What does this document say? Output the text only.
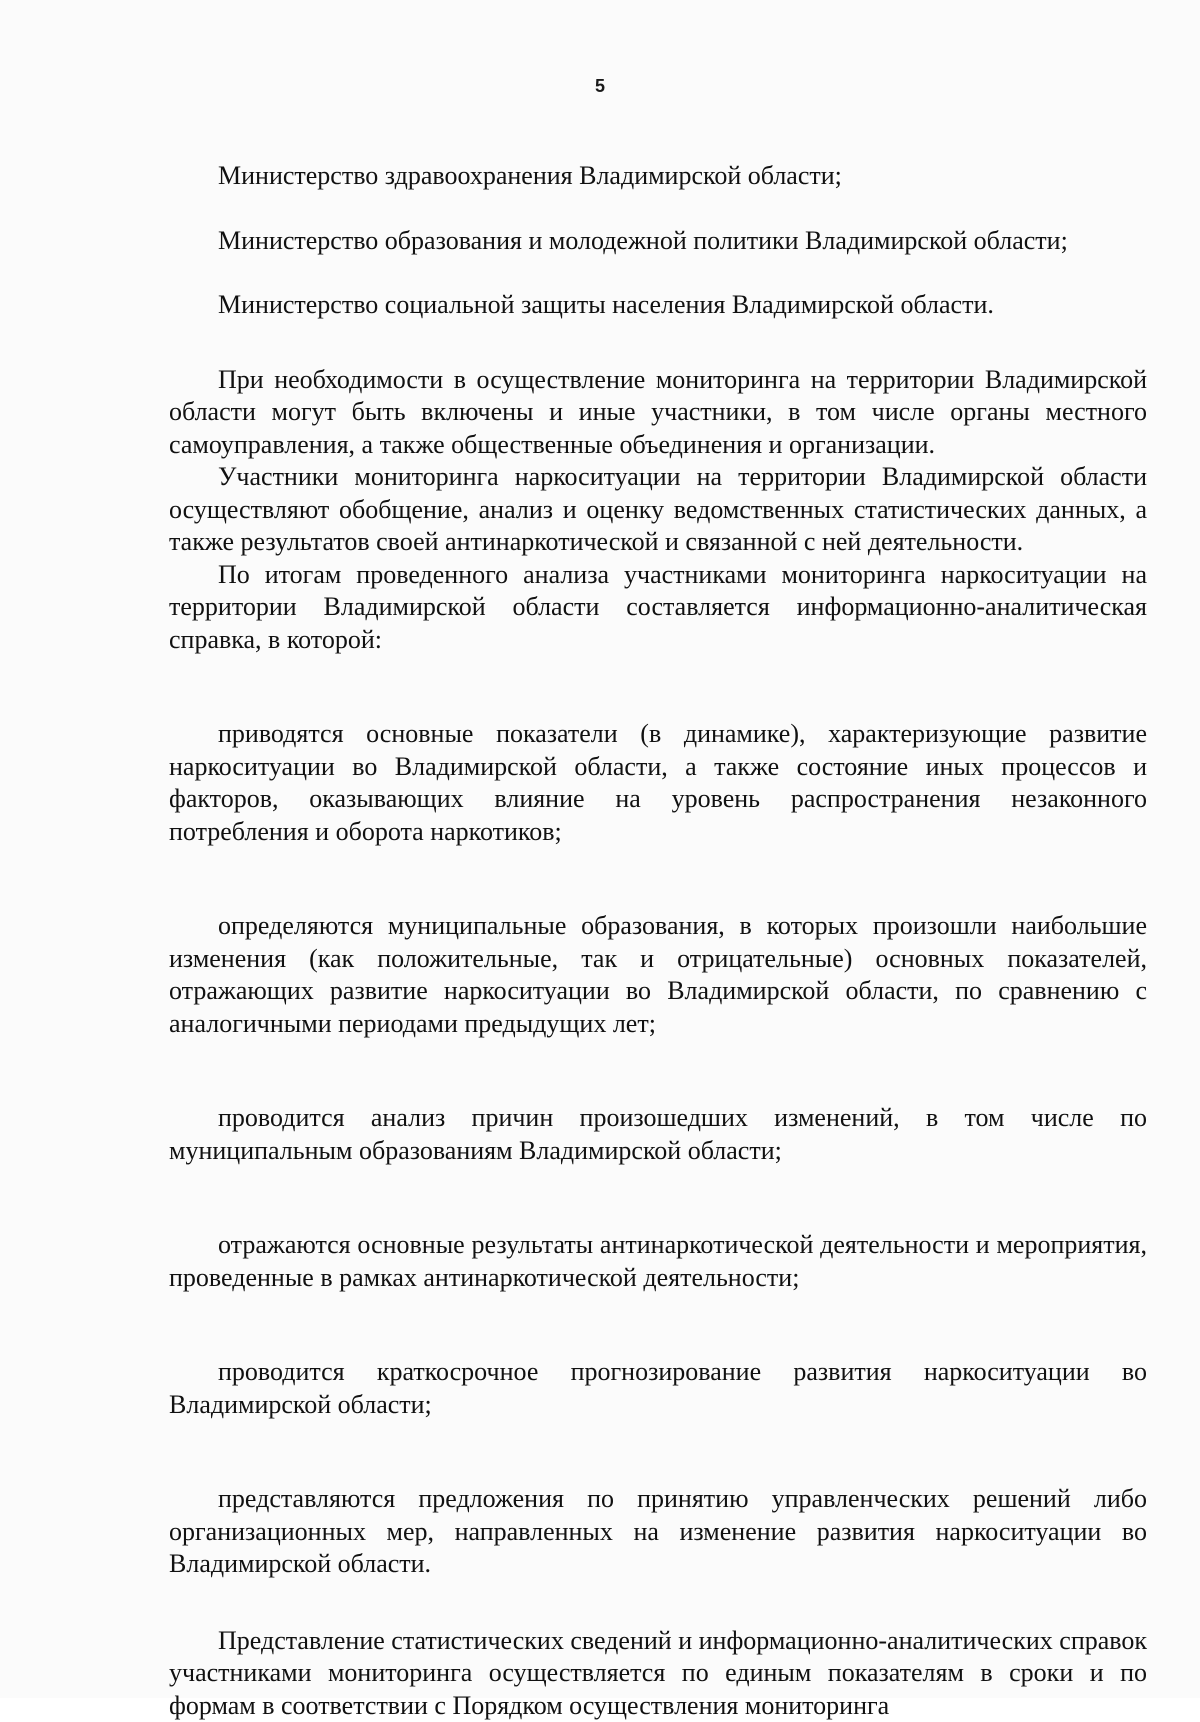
5

Министерство здравоохранения Владимирской области;

Министерство образования и молодежной политики Владимирской области;

Министерство социальной защиты населения Владимирской области.

При необходимости в осуществление мониторинга на территории Владимирской области могут быть включены и иные участники, в том числе органы местного самоуправления, а также общественные объединения и организации.

Участники мониторинга наркоситуации на территории Владимирской области осуществляют обобщение, анализ и оценку ведомственных статистических данных, а также результатов своей антинаркотической и связанной с ней деятельности.

По итогам проведенного анализа участниками мониторинга наркоситуации на территории Владимирской области составляется информационно-аналитическая справка, в которой:

приводятся основные показатели (в динамике), характеризующие развитие наркоситуации во Владимирской области, а также состояние иных процессов и факторов, оказывающих влияние на уровень распространения незаконного потребления и оборота наркотиков;

определяются муниципальные образования, в которых произошли наибольшие изменения (как положительные, так и отрицательные) основных показателей, отражающих развитие наркоситуации во Владимирской области, по сравнению с аналогичными периодами предыдущих лет;

проводится анализ причин произошедших изменений, в том числе по муниципальным образованиям Владимирской области;

отражаются основные результаты антинаркотической деятельности и мероприятия, проведенные в рамках антинаркотической деятельности;

проводится краткосрочное прогнозирование развития наркоситуации во Владимирской области;

представляются предложения по принятию управленческих решений либо организационных мер, направленных на изменение развития наркоситуации во Владимирской области.

Представление статистических сведений и информационно-аналитических справок участниками мониторинга осуществляется по единым показателям в сроки и по формам в соответствии с Порядком осуществления мониторинга
